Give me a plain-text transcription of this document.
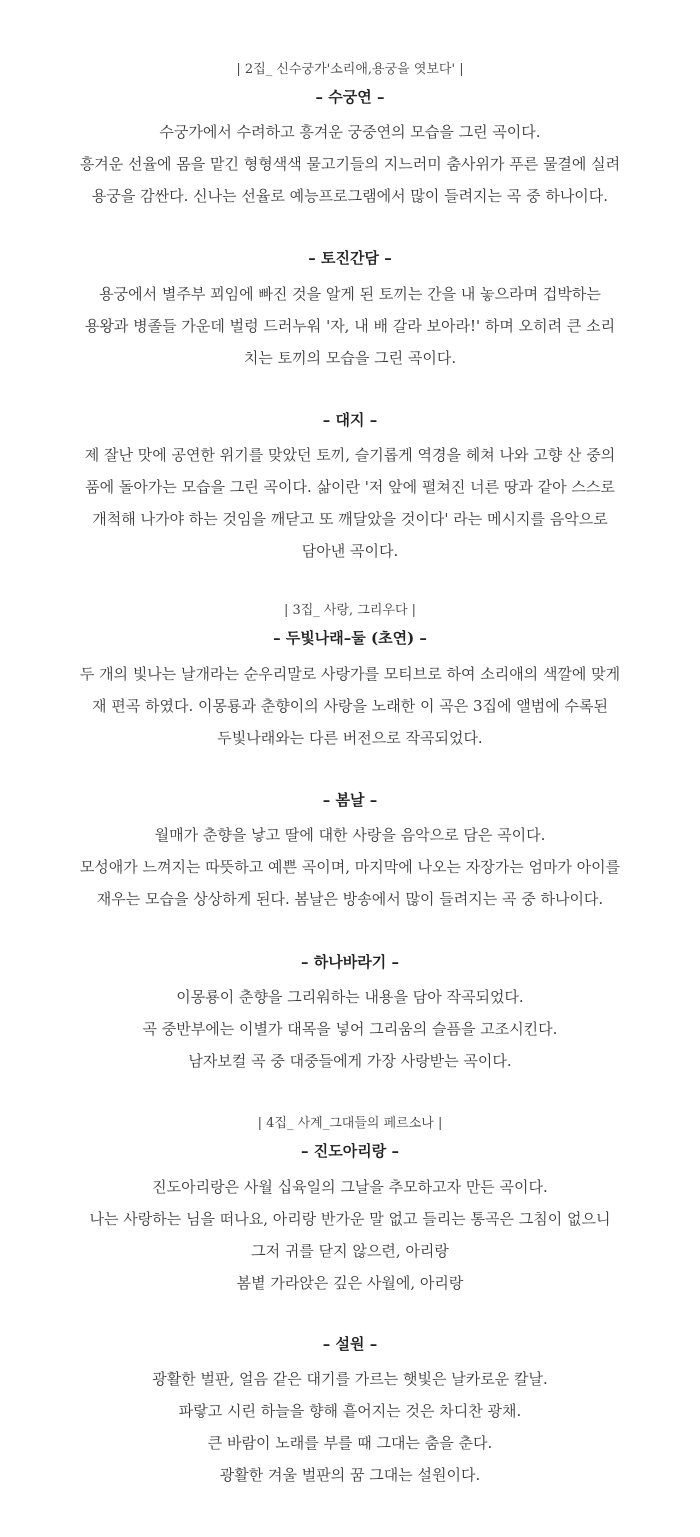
| 2집_ 신수궁가'소리애,용궁을 엿보다' |
– 수궁연 –
수궁가에서 수려하고 흥겨운 궁중연의 모습을 그린 곡이다.
흥겨운 선율에 몸을 맡긴 형형색색 물고기들의 지느러미 춤사위가 푸른 물결에 실려
용궁을 감싼다. 신나는 선율로 예능프로그램에서 많이 들려지는 곡 중 하나이다.
– 토진간담 –
용궁에서 별주부 꾀임에 빠진 것을 알게 된 토끼는 간을 내 놓으라며 겁박하는
용왕과 병졸들 가운데 벌렁 드러누워 '자, 내 배 갈라 보아라!' 하며 오히려 큰 소리
치는 토끼의 모습을 그린 곡이다.
– 대지 –
제 잘난 맛에 공연한 위기를 맞았던 토끼, 슬기롭게 역경을 헤쳐 나와 고향 산 중의
품에 돌아가는 모습을 그린 곡이다. 삶이란 '저 앞에 펼쳐진 너른 땅과 같아 스스로
개척해 나가야 하는 것임을 깨닫고 또 깨달았을 것이다' 라는 메시지를 음악으로
담아낸 곡이다.
| 3집_ 사랑, 그리우다 |
– 두빛나래–둘 (초연) –
두 개의 빛나는 날개라는 순우리말로 사랑가를 모티브로 하여 소리애의 색깔에 맞게
재 편곡 하였다. 이몽룡과 춘향이의 사랑을 노래한 이 곡은 3집에 앨범에 수록된
두빛나래와는 다른 버전으로 작곡되었다.
– 봄날 –
월매가 춘향을 낳고 딸에 대한 사랑을 음악으로 담은 곡이다.
모성애가 느껴지는 따뜻하고 예쁜 곡이며, 마지막에 나오는 자장가는 엄마가 아이를
재우는 모습을 상상하게 된다. 봄날은 방송에서 많이 들려지는 곡 중 하나이다.
– 하나바라기 –
이몽룡이 춘향을 그리워하는 내용을 담아 작곡되었다.
곡 중반부에는 이별가 대목을 넣어 그리움의 슬픔을 고조시킨다.
남자보컬 곡 중 대중들에게 가장 사랑받는 곡이다.
| 4집_ 사계_그대들의 페르소나 |
– 진도아리랑 –
진도아리랑은 사월 십육일의 그날을 추모하고자 만든 곡이다.
나는 사랑하는 님을 떠나요, 아리랑 반가운 말 없고 들리는 통곡은 그침이 없으니
그저 귀를 닫지 않으련, 아리랑
봄볕 가라앉은 깊은 사월에, 아리랑
– 설원 –
광활한 벌판, 얼음 같은 대기를 가르는 햇빛은 날카로운 칼날.
파랗고 시린 하늘을 향해 흩어지는 것은 차디찬 광채.
큰 바람이 노래를 부를 때 그대는 춤을 춘다.
광활한 겨울 벌판의 꿈 그대는 설원이다.
